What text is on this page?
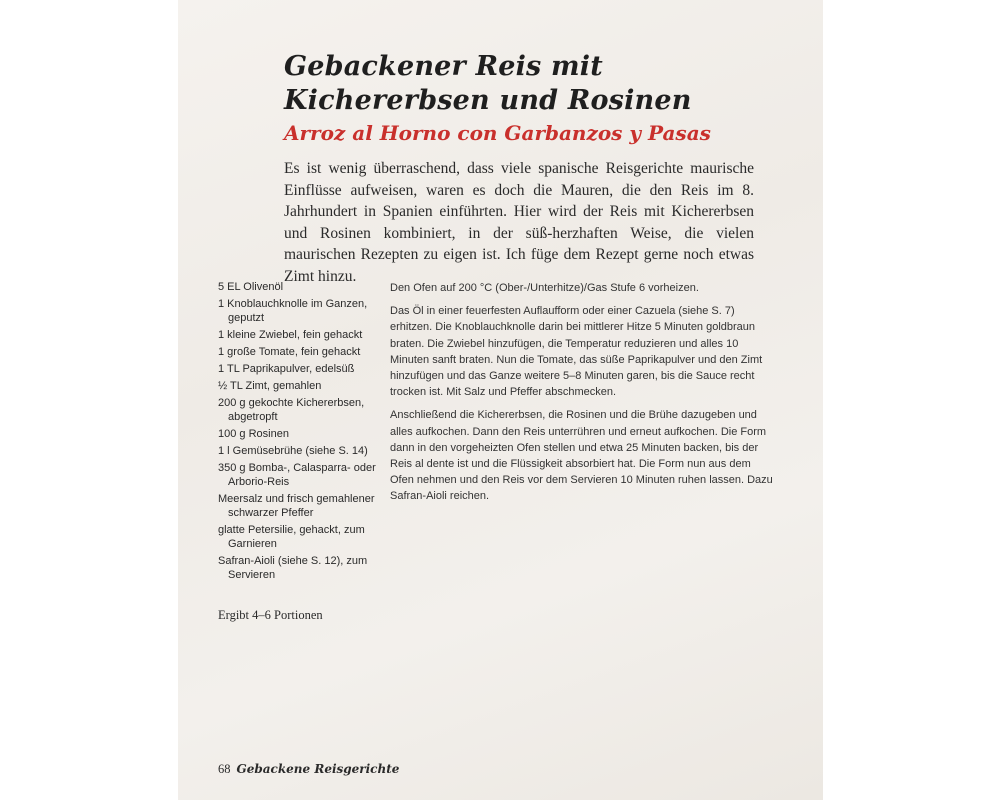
Gebackener Reis mit Kichererbsen und Rosinen
Arroz al Horno con Garbanzos y Pasas

Es ist wenig überraschend, dass viele spanische Reisgerichte maurische Einflüsse aufweisen, waren es doch die Mauren, die den Reis im 8. Jahrhundert in Spanien einführten. Hier wird der Reis mit Kichererbsen und Rosinen kombiniert, in der süß-herzhaften Weise, die vielen maurischen Rezepten zu eigen ist. Ich füge dem Rezept gerne noch etwas Zimt hinzu.

5 EL Olivenöl
1 Knoblauchknolle im Ganzen, geputzt
1 kleine Zwiebel, fein gehackt
1 große Tomate, fein gehackt
1 TL Paprikapulver, edelsüß
½ TL Zimt, gemahlen
200 g gekochte Kichererbsen, abgetropft
100 g Rosinen
1 l Gemüsebrühe (siehe S. 14)
350 g Bomba-, Calasparra- oder Arborio-Reis
Meersalz und frisch gemahlener schwarzer Pfeffer
glatte Petersilie, gehackt, zum Garnieren
Safran-Aioli (siehe S. 12), zum Servieren

Ergibt 4–6 Portionen

Den Ofen auf 200 °C (Ober-/Unterhitze)/Gas Stufe 6 vorheizen.

Das Öl in einer feuerfesten Auflaufform oder einer Cazuela (siehe S. 7) erhitzen. Die Knoblauchknolle darin bei mittlerer Hitze 5 Minuten goldbraun braten. Die Zwiebel hinzufügen, die Temperatur reduzieren und alles 10 Minuten sanft braten. Nun die Tomate, das süße Paprikapulver und den Zimt hinzufügen und das Ganze weitere 5–8 Minuten garen, bis die Sauce recht trocken ist. Mit Salz und Pfeffer abschmecken.

Anschließend die Kichererbsen, die Rosinen und die Brühe dazugeben und alles aufkochen. Dann den Reis unterrühren und erneut aufkochen. Die Form dann in den vorgeheizten Ofen stellen und etwa 25 Minuten backen, bis der Reis al dente ist und die Flüssigkeit absorbiert hat. Die Form nun aus dem Ofen nehmen und den Reis vor dem Servieren 10 Minuten ruhen lassen. Dazu Safran-Aioli reichen.

68 Gebackene Reisgerichte
